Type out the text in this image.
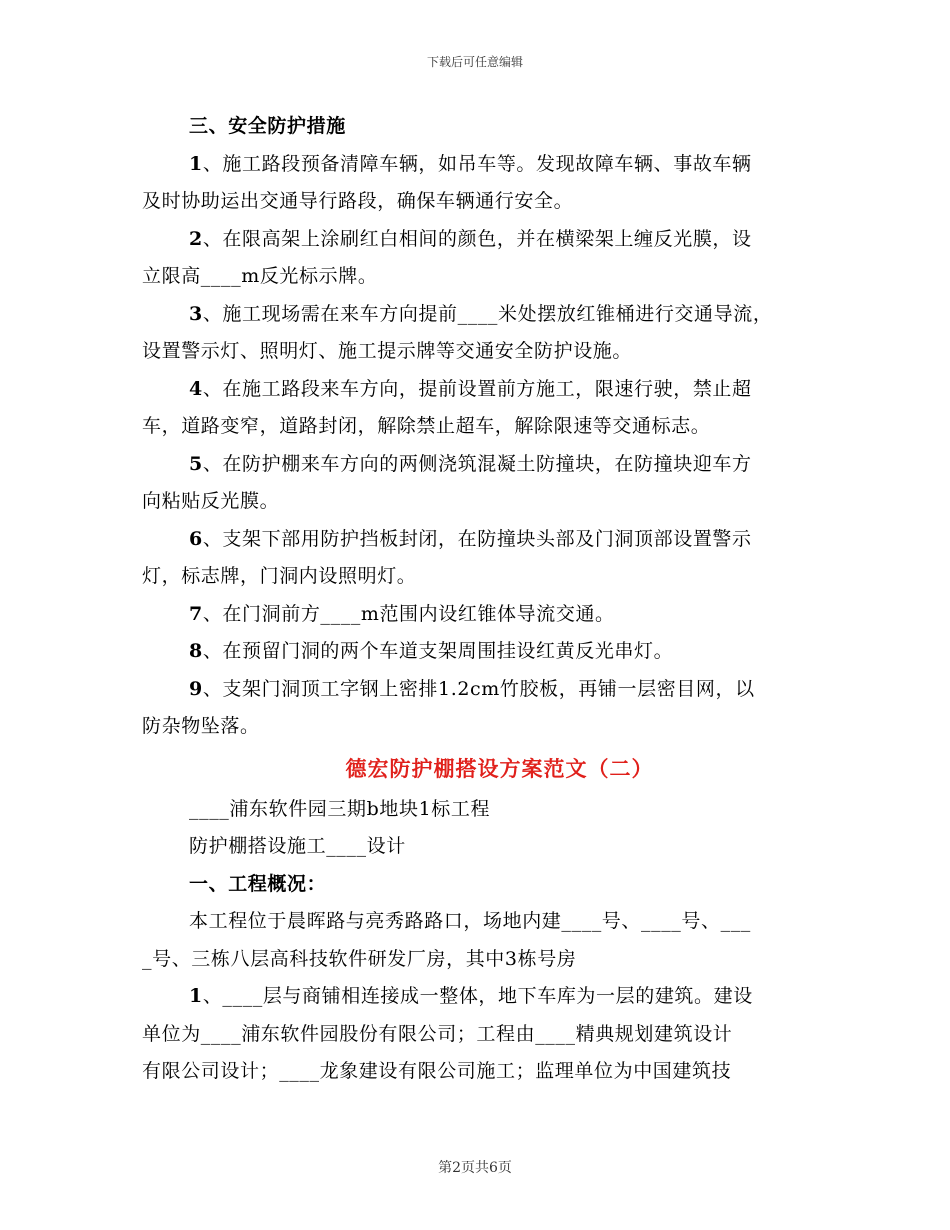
下载后可任意编辑
三、安全防护措施
1、施工路段预备清障车辆，如吊车等。发现故障车辆、事故车辆
及时协助运出交通导行路段，确保车辆通行安全。
2、在限高架上涂刷红白相间的颜色，并在横梁架上缠反光膜，设
立限高____m反光标示牌。
3、施工现场需在来车方向提前____米处摆放红锥桶进行交通导流，
设置警示灯、照明灯、施工提示牌等交通安全防护设施。
4、在施工路段来车方向，提前设置前方施工，限速行驶，禁止超
车，道路变窄，道路封闭，解除禁止超车，解除限速等交通标志。
5、在防护棚来车方向的两侧浇筑混凝土防撞块，在防撞块迎车方
向粘贴反光膜。
6、支架下部用防护挡板封闭，在防撞块头部及门洞顶部设置警示
灯，标志牌，门洞内设照明灯。
7、在门洞前方____m范围内设红锥体导流交通。
8、在预留门洞的两个车道支架周围挂设红黄反光串灯。
9、支架门洞顶工字钢上密排1.2cm竹胶板，再铺一层密目网，以
防杂物坠落。
德宏防护棚搭设方案范文（二）
____浦东软件园三期b地块1标工程
防护棚搭设施工____设计
一、工程概况：
本工程位于晨晖路与亮秀路路口，场地内建____号、____号、___
_号、三栋八层高科技软件研发厂房，其中3栋号房
1、____层与商铺相连接成一整体，地下车库为一层的建筑。建设
单位为____浦东软件园股份有限公司；工程由____精典规划建筑设计
有限公司设计；____龙象建设有限公司施工；监理单位为中国建筑技
第2页共6页
